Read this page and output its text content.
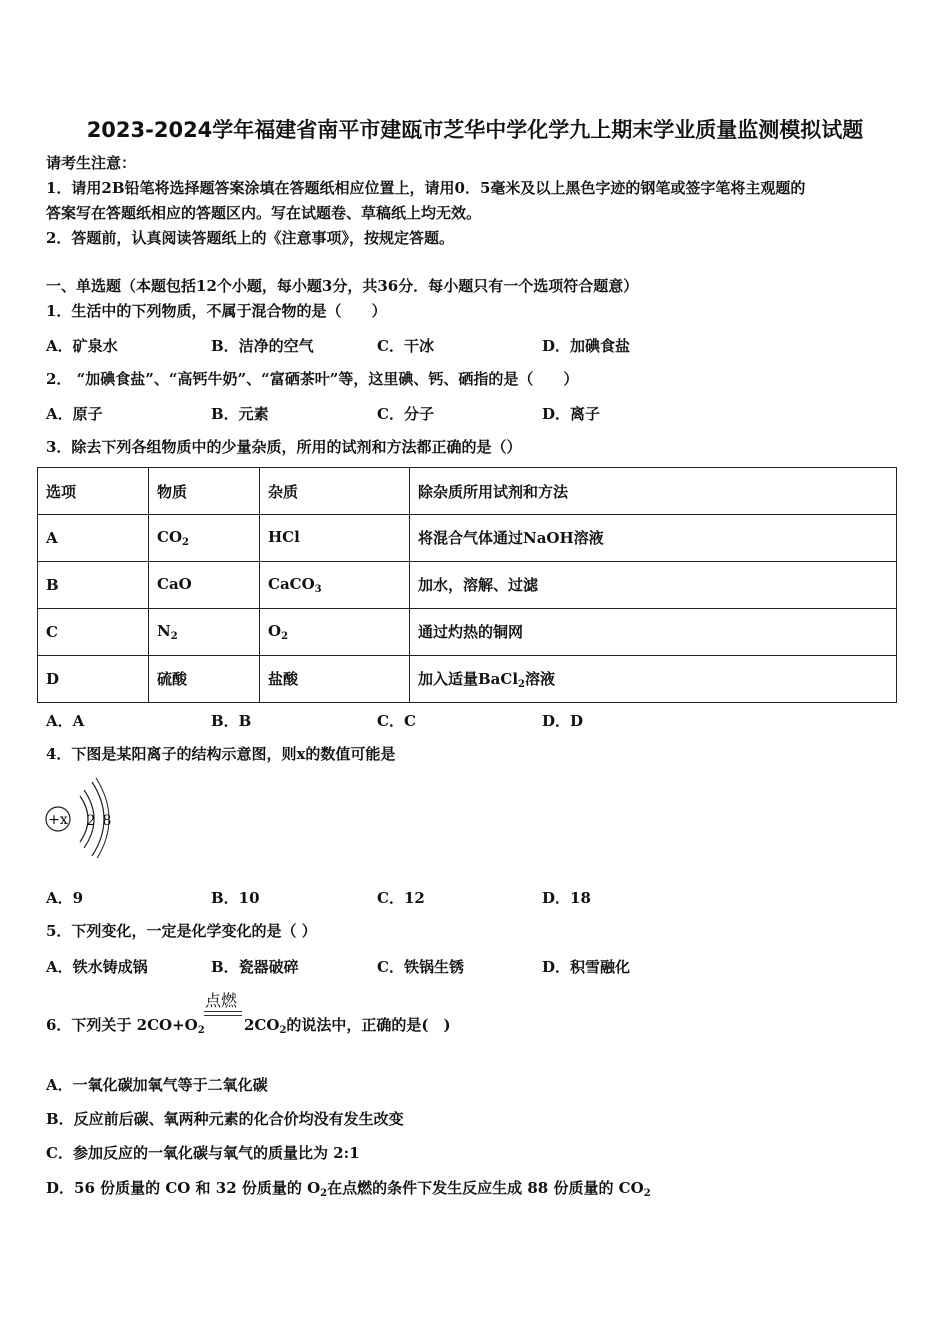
2023-2024学年福建省南平市建瓯市芝华中学化学九上期末学业质量监测模拟试题
请考生注意：
1．请用2B铅笔将选择题答案涂填在答题纸相应位置上，请用0．5毫米及以上黑色字迹的钢笔或签字笔将主观题的
答案写在答题纸相应的答题区内。写在试题卷、草稿纸上均无效。
2．答题前，认真阅读答题纸上的《注意事项》，按规定答题。
一、单选题（本题包括12个小题，每小题3分，共36分．每小题只有一个选项符合题意）
1．生活中的下列物质，不属于混合物的是（　　）
A．矿泉水	B．洁净的空气	C．干冰	D．加碘食盐
2． “加碘食盐”、“高钙牛奶”、“富硒茶叶”等，这里碘、钙、硒指的是（　　）
A．原子	B．元素	C．分子	D．离子
3．除去下列各组物质中的少量杂质，所用的试剂和方法都正确的是（）
选项	物质	杂质	除杂质所用试剂和方法
A	$CO_2$	HCl	将混合气体通过NaOH溶液
B	CaO	CaCO$_3$	加水，溶解、过滤
C	$N_2$	$O_2$	通过灼热的铜网
D	硫酸	盐酸	加入适量BaCl$_2$溶液
A．A	B．B	C．C	D．D
4．下图是某阳离子的结构示意图，则x的数值可能是
+x 2 8
A．9	B．10	C．12	D．18
5．下列变化，一定是化学变化的是（ ）
A．铁水铸成锅	B．瓷器破碎	C．铁锅生锈	D．积雪融化
6．下列关于 $2CO+O_2$
点燃
$2CO_2$的说法中，正确的是(　)
A．一氧化碳加氧气等于二氧化碳
B．反应前后碳、氧两种元素的化合价均没有发生改变
C．参加反应的一氧化碳与氧气的质量比为 2:1
D．56 份质量的 CO 和 32 份质量的 $O_2$在点燃的条件下发生反应生成 88 份质量的 $CO_2$
